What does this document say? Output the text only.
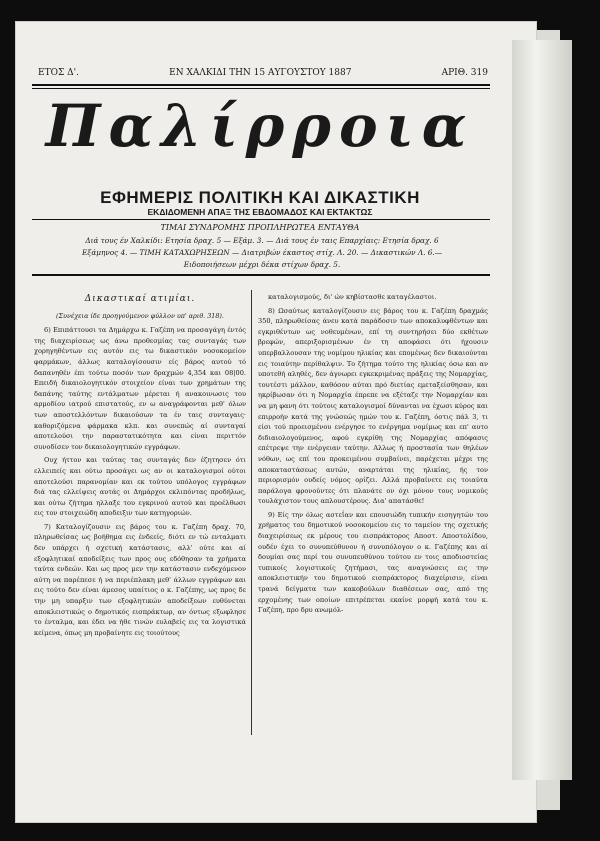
ΕΤΟΣ Δ'.	ΕΝ ΧΑΛΚΙΔΙ ΤΗΝ 15 ΑΥΓΟΥΣΤΟΥ 1887	ΑΡΙΘ. 319
Παλίρροια
ΕΦΗΜΕΡΙΣ ΠΟΛΙΤΙΚΗ ΚΑΙ ΔΙΚΑΣΤΙΚΗ
ΕΚΔΙΔΟΜΕΝΗ ΑΠΑΞ ΤΗΣ ΕΒΔΟΜΑΔΟΣ ΚΑΙ ΕΚΤΑΚΤΩΣ
ΤΙΜΑΙ ΣΥΝΔΡΟΜΗΣ ΠΡΟΠΛΗΡΩΤΕΑ ΕΝΤΑΥΘΑ
Διά τους έν Χαλκίδι: Ετησία δραχ. 5 — Εξάμ. 3. — Διά τους έν ταις Επαρχίαις: Ετησία δραχ. 6
Εξάμηνος 4. — ΤΙΜΗ ΚΑΤΑΧΩΡΗΣΕΩΝ — Διατριβών έκαστος στίχ. Λ. 20. — Δικαστικών Λ. 6.—
Ειδοποιήσεων μέχρι δέκα στίχων δραχ. 5.
Δικαστικαί ατιμίαι.
(Συνέχεια ίδε προηγούμενον φύλλον υπ' αριθ. 318).

6) Επιπάττουσι τα Δημάρχω κ. Γαζέπη να προσαγάγη έντός της διαχειρίσεως ως άνω προθεσμίας τας συνταγάς των χορηγηθέντων εις αυτόν εις τω δικαστικόν νοσοκομείον φαρμάκων, άλλως καταλογίσουσιν είς βάρος αυτού τό δαπανηθέν έπι τούτω ποσόν των δραχμών 4,354 και 08|00. Επειδή δικαιολογητικόν στοιχείον είναι των χρημάτων της δαπάνης ταύτης εντάλματων μέρεται ή ανακοινωσις του αρμοδίου ιατρού επιστατούς, εν ω αναγράφονται μεθ' όλων των αποστελλόντων δικαιούσων τα έν ταις συνταγαις· καθοριζόμενα φάρμακα κλπ. και συνεπώς αί συνταγαί αποτελούσι την παραστατικότητα και είναι περιττόν συνοδίσεν τον δικαιολογητικών εγγράφων.

Ουχ ήττον και ταύτας τας συνταγάς δεν έζητησεν ότι ελλειπείς και ούτω προσάγει ως αν οι καταλογισμοί ούτοι αποτελούσι παρανομίαν και εκ τούτου υπόλογος εγγράφων διά τας ελλείψεις αυτάς οι Δημάρχοι εκλιπόντας προδήλως, και ούτω ζήτημα ηλλαξε του εγκρινού αυτού και προέλθωσι εις τον στοιχειώδη αποδειξιν των κατηγοριών.

7) Καταλογίζουσιν εις βάρος του κ. Γαζέπη δραχ. 70, πληρωθείσας ως βοήθημα εις ένδεείς, διότι εν τώ ενταλματι δεν υπάρχει ή σχετική κατάστασις, αλλ' ούτε και αί εξοφλητικαί αποδείξεις των προς ους εδόθησαν τα χρήματα ταύτα ενδεών. Και ως προς μεν την κατάστασιν ενδεχόμενον αύτη να παρέπεσε ή να περιέπλακη μεθ' άλλων εγγράφων και εις τούτο δεν είναι άμεσος υπαίτιος ο κ. Γαζέπης, ως προς δε την μη υπαρξιν των εξοφλητικών αποδείξεων ευθύνεται αποκλειστικώς ο δημοτικός εισπράκτωρ, αν όντως εξωφλησε το ένταλμα, και έδει να ήθε τινών ευλαβείς εις τα λογιστικά κείμενα, όπως μη προβαίνητε εις τοιούτους

καταλογισμούς, δι' ών κηβίστασθε καταγέλαστοι.

8) Ωσαύτως καταλογίζουσιν εις βάρος του κ. Γαζέπη δραχμάς 350, πληρωθείσας άνευ κατά παράδοσιν των αποκαλυφθέντων και εγκριθέντων ως νοθευμένων, επί τη συντηρήσει δύο εκθέτων βρεφών, απεριξορισμένων έν τη αποφάσει ότι ήχουσιν υπερβαλλουσαν της νομίμου ηλικίας και επομένως δεν δικαιούνται εις τοιαύτην περίθαλψιν. Το ζήτημα τούτο της ηλικίας όσω και αν υποτεθή αληθές, δεν άγνωρει εγκεκριμένας πράξεις της Νομαρχίας, τουτέστι μάλλον, καθόσον αύται πρό διετίας εμεταξείσθησαν, και ηκρίβωσαν ότι η Νομαρχία έπρεπε να εξέταζε την Νομαρχίαν και να μη φανη ότι τούτοις καταλογισμοί δύνανται να έχωσι κύρος και επιρροήν κατά της γνώσεώς ημών του κ. Γαζέπη, όστις πάλ 3, τι είσι τού προεισμένου ενέργησε το ενέργημα νομίμως και επ' αυτο διδιαιολογούμενος, αφού εγκρίθη της Νομαρχίας απόφασις επέτρεψε την ενέργειαν ταύτην. Αλλως ή προστασία των θηλέων νόθων, ως επί του προκειμένου συμβαίνει, παρέχεται μέχρι της αποκαταστάσεως αυτών, αναρτάται της ηλικίας, ής τον περιορισμόν ουδείς νόμος ορίζει. Αλλά προβαίνετε εις τοιαύτα παράλογα φρονούντες ότι πλανάτε ον όχι μόνον τους νομικούς τουλάχιστον τους απλουστέρους. Δια' απατάσθε!

9) Είς την όλως αστεΐαν και επουσιώδη τυπικήν εισηγητών του χρήματος του δημοτικού νοσοκομείου εις το ταμείον της σχετικής διαχειρίσεως εκ μέρους του εισπράκτορος Αποστ. Αποστολίδου, ουδέν έχει το συνυπεύθυνον ή συνυπόλογον ο κ. Γαζέπης και αί δουμίαι σας περί του συνυπευθύνου τούτου εν τοις αποδιοστείας τυπικοίς λογιστικοίς ζητήμασι, τας αναγνώσεις εις την αποκλειστικήν του δημοτικού εισπράκτορος διαχείρισιν, είναι τρανά δείγματα των κακοβούλων διαθέσεων σας, από της ερχομένης των οποίων επιτρέπεται εκαίνε μορφή κατά του κ. Γαζέπη, προ δρυ ανωμόλ-
